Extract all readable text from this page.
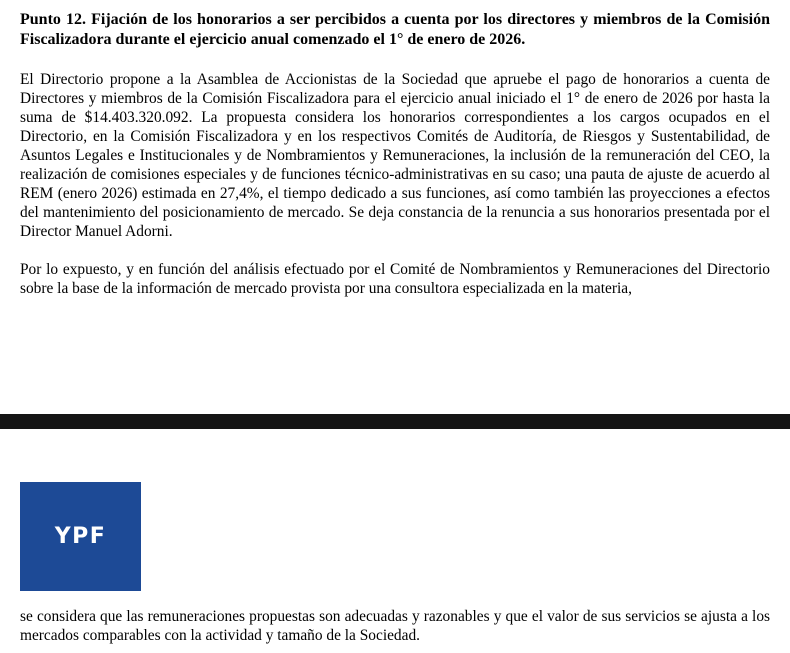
Punto 12. Fijación de los honorarios a ser percibidos a cuenta por los directores y miembros de la Comisión Fiscalizadora durante el ejercicio anual comenzado el 1° de enero de 2026.
El Directorio propone a la Asamblea de Accionistas de la Sociedad que apruebe el pago de honorarios a cuenta de Directores y miembros de la Comisión Fiscalizadora para el ejercicio anual iniciado el 1° de enero de 2026 por hasta la suma de $14.403.320.092. La propuesta considera los honorarios correspondientes a los cargos ocupados en el Directorio, en la Comisión Fiscalizadora y en los respectivos Comités de Auditoría, de Riesgos y Sustentabilidad, de Asuntos Legales e Institucionales y de Nombramientos y Remuneraciones, la inclusión de la remuneración del CEO, la realización de comisiones especiales y de funciones técnico-administrativas en su caso; una pauta de ajuste de acuerdo al REM (enero 2026) estimada en 27,4%, el tiempo dedicado a sus funciones, así como también las proyecciones a efectos del mantenimiento del posicionamiento de mercado. Se deja constancia de la renuncia a sus honorarios presentada por el Director Manuel Adorni.
Por lo expuesto, y en función del análisis efectuado por el Comité de Nombramientos y Remuneraciones del Directorio sobre la base de la información de mercado provista por una consultora especializada en la materia,
YPF
se considera que las remuneraciones propuestas son adecuadas y razonables y que el valor de sus servicios se ajusta a los mercados comparables con la actividad y tamaño de la Sociedad.
